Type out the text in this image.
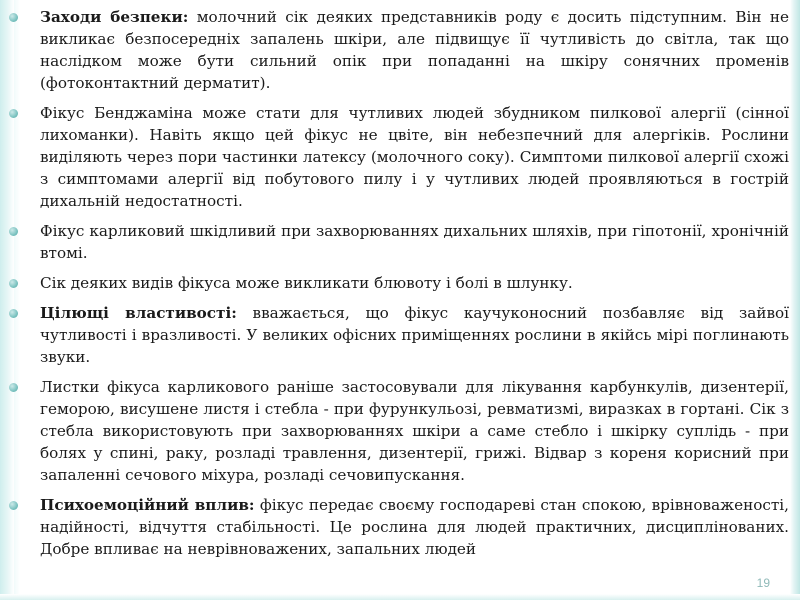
Заходи безпеки: молочний сік деяких представників роду є досить підступним. Він не викликає безпосередніх запалень шкіри, але підвищує її чутливість до світла, так що наслідком може бути сильний опік при попаданні на шкіру сонячних променів (фотоконтактний дерматит).

Фікус Бенджаміна може стати для чутливих людей збудником пилкової алергії (сінної лихоманки). Навіть якщо цей фікус не цвіте, він небезпечний для алергіків. Рослини виділяють через пори частинки латексу (молочного соку). Симптоми пилкової алергії схожі з симптомами алергії від побутового пилу і у чутливих людей проявляються в гострій дихальній недостатності.

Фікус карликовий шкідливий при захворюваннях дихальних шляхів, при гіпотонії, хронічній втомі.

Сік деяких видів фікуса може викликати блювоту і болі в шлунку.

Цілющі властивості: вважається, що фікус каучуконосний позбавляє від зайвої чутливості і вразливості. У великих офісних приміщеннях рослини в якійсь мірі поглинають звуки.

Листки фікуса карликового раніше застосовували для лікування карбункулів, дизентерії, геморою, висушене листя і стебла - при фурункульозі, ревматизмі, виразках в гортані. Сік з стебла використовують при захворюваннях шкіри а саме стебло і шкірку суплідь - при болях у спині, раку, розладі травлення, дизентерії, грижі. Відвар з кореня корисний при запаленні сечового міхура, розладі сечовипускання.

Психоемоційний вплив: фікус передає своєму господареві стан спокою, врівноваженості, надійності, відчуття стабільності. Це рослина для людей практичних, дисциплінованих. Добре впливає на неврівноважених, запальних людей

19
